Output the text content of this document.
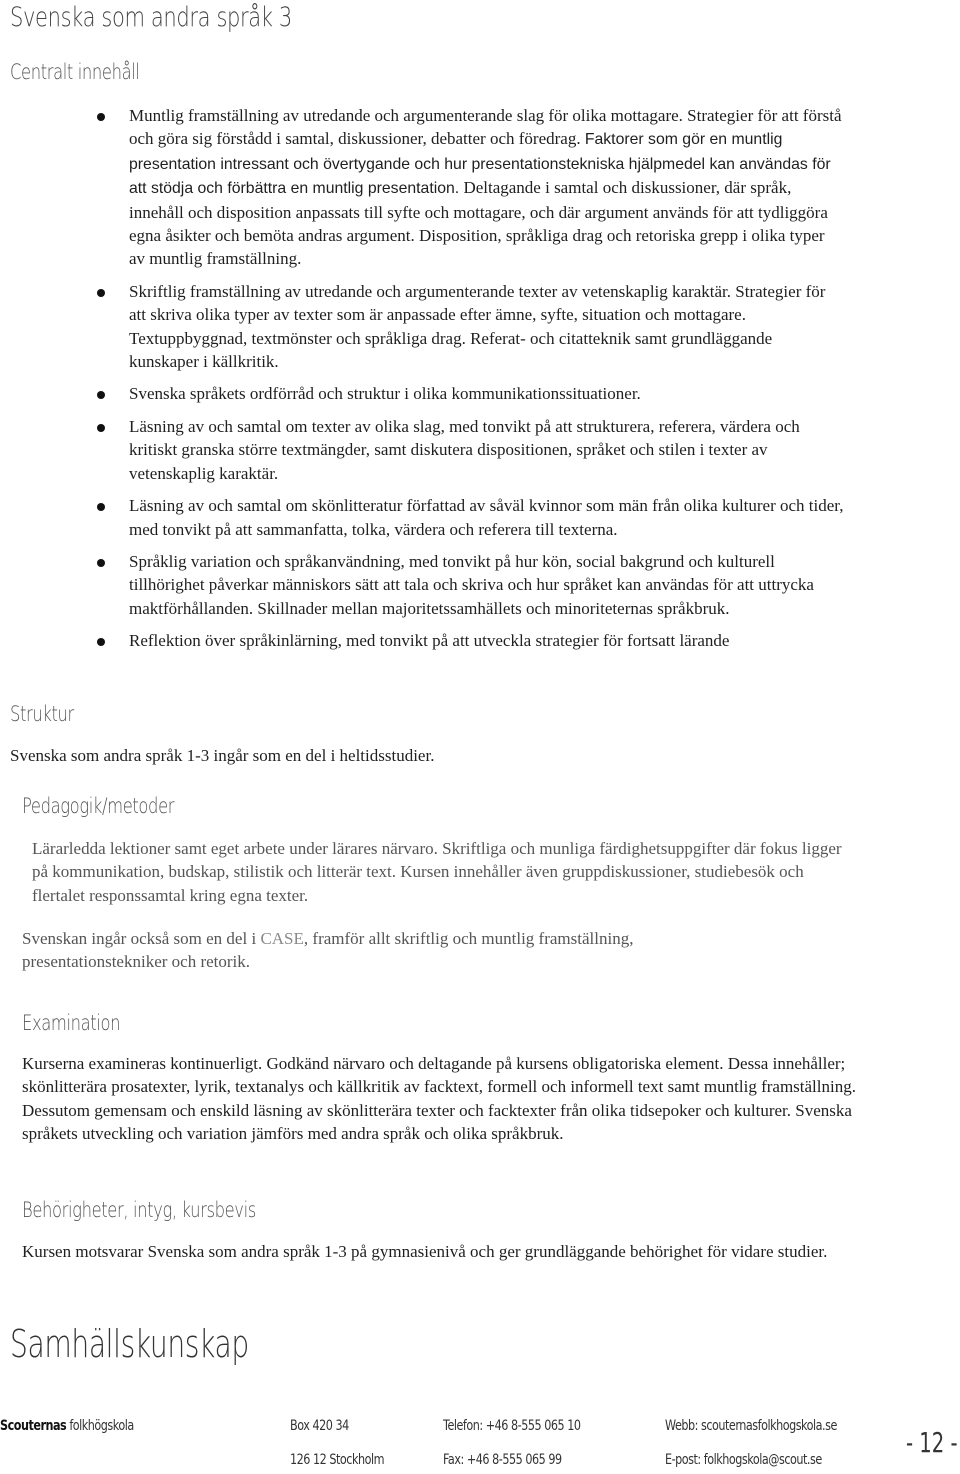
Svenska som andra språk 3
Centralt innehåll
Muntlig framställning av utredande och argumenterande slag för olika mottagare. Strategier för att förstå och göra sig förstådd i samtal, diskussioner, debatter och föredrag. Faktorer som gör en muntlig presentation intressant och övertygande och hur presentationstekniska hjälpmedel kan användas för att stödja och förbättra en muntlig presentation. Deltagande i samtal och diskussioner, där språk, innehåll och disposition anpassats till syfte och mottagare, och där argument används för att tydliggöra egna åsikter och bemöta andras argument. Disposition, språkliga drag och retoriska grepp i olika typer av muntlig framställning.
Skriftlig framställning av utredande och argumenterande texter av vetenskaplig karaktär. Strategier för att skriva olika typer av texter som är anpassade efter ämne, syfte, situation och mottagare. Textuppbyggnad, textmönster och språkliga drag. Referat- och citatteknik samt grundläggande kunskaper i källkritik.
Svenska språkets ordförråd och struktur i olika kommunikationssituationer.
Läsning av och samtal om texter av olika slag, med tonvikt på att strukturera, referera, värdera och kritiskt granska större textmängder, samt diskutera dispositionen, språket och stilen i texter av vetenskaplig karaktär.
Läsning av och samtal om skönlitteratur författad av såväl kvinnor som män från olika kulturer och tider, med tonvikt på att sammanfatta, tolka, värdera och referera till texterna.
Språklig variation och språkanvändning, med tonvikt på hur kön, social bakgrund och kulturell tillhörighet påverkar människors sätt att tala och skriva och hur språket kan användas för att uttrycka maktförhållanden. Skillnader mellan majoritetssamhällets och minoriteternas språkbruk.
Reflektion över språkinlärning, med tonvikt på att utveckla strategier för fortsatt lärande
Struktur
Svenska som andra språk 1-3 ingår som en del i heltidsstudier.
Pedagogik/metoder
Lärarledda lektioner samt eget arbete under lärares närvaro. Skriftliga och munliga färdighetsuppgifter där fokus ligger på kommunikation, budskap, stilistik och litterär text. Kursen innehåller även gruppdiskussioner, studiebesök och flertalet responssamtal kring egna texter.
Svenskan ingår också som en del i CASE, framför allt skriftlig och muntlig framställning, presentationstekniker och retorik.
Examination
Kurserna examineras kontinuerligt. Godkänd närvaro och deltagande på kursens obligatoriska element. Dessa innehåller; skönlitterära prosatexter, lyrik, textanalys och källkritik av facktext, formell och informell text samt muntlig framställning. Dessutom gemensam och enskild läsning av skönlitterära texter och facktexter från olika tidsepoker och kulturer. Svenska språkets utveckling och variation jämförs med andra språk och olika språkbruk.
Behörigheter, intyg, kursbevis
Kursen motsvarar Svenska som andra språk 1-3 på gymnasienivå och ger grundläggande behörighet för vidare studier.
Samhällskunskap
Scouternas folkhögskola	Box 420 34
126 12 Stockholm
Telefon: +46 8-555 065 10
Fax: +46 8-555 065 99
Webb: scouternasfolkhogskola.se
E-post: folkhogskola@scout.se
- 12 -
